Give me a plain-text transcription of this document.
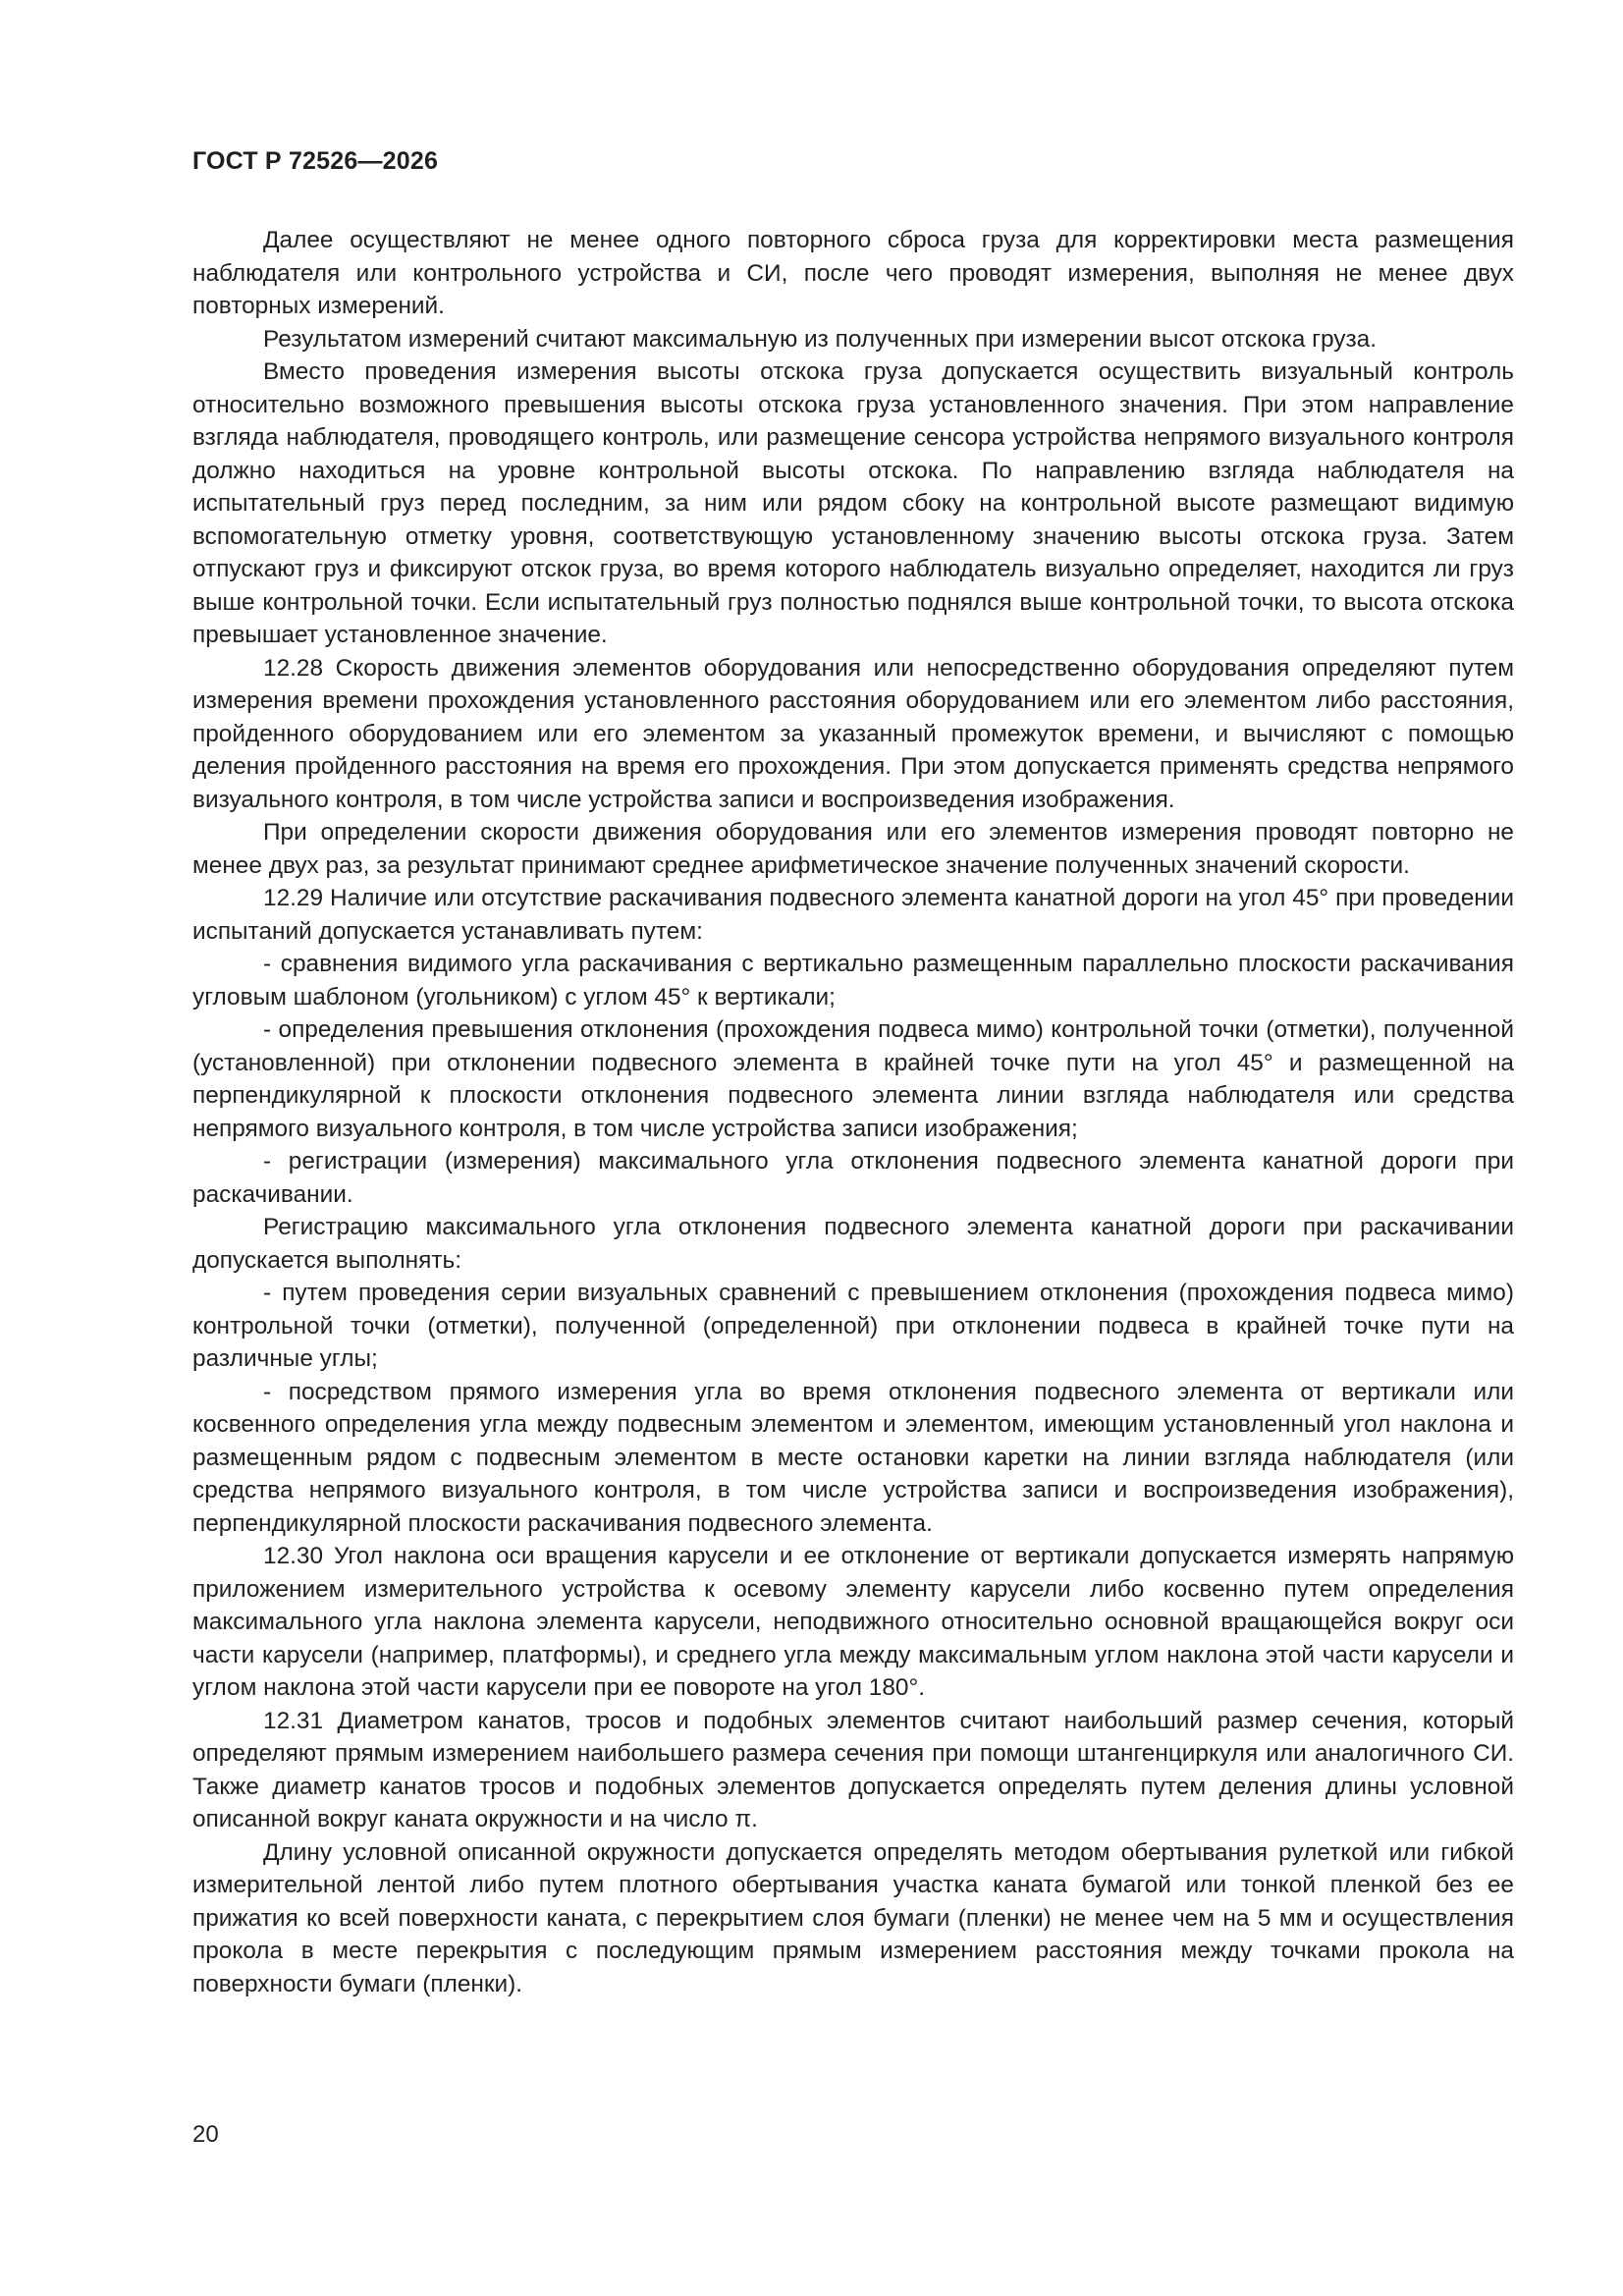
ГОСТ Р 72526—2026

Далее осуществляют не менее одного повторного сброса груза для корректировки места размещения наблюдателя или контрольного устройства и СИ, после чего проводят измерения, выполняя не менее двух повторных измерений.

Результатом измерений считают максимальную из полученных при измерении высот отскока груза.

Вместо проведения измерения высоты отскока груза допускается осуществить визуальный контроль относительно возможного превышения высоты отскока груза установленного значения. При этом направление взгляда наблюдателя, проводящего контроль, или размещение сенсора устройства непрямого визуального контроля должно находиться на уровне контрольной высоты отскока. По направлению взгляда наблюдателя на испытательный груз перед последним, за ним или рядом сбоку на контрольной высоте размещают видимую вспомогательную отметку уровня, соответствующую установленному значению высоты отскока груза. Затем отпускают груз и фиксируют отскок груза, во время которого наблюдатель визуально определяет, находится ли груз выше контрольной точки. Если испытательный груз полностью поднялся выше контрольной точки, то высота отскока превышает установленное значение.

12.28 Скорость движения элементов оборудования или непосредственно оборудования определяют путем измерения времени прохождения установленного расстояния оборудованием или его элементом либо расстояния, пройденного оборудованием или его элементом за указанный промежуток времени, и вычисляют с помощью деления пройденного расстояния на время его прохождения. При этом допускается применять средства непрямого визуального контроля, в том числе устройства записи и воспроизведения изображения.

При определении скорости движения оборудования или его элементов измерения проводят повторно не менее двух раз, за результат принимают среднее арифметическое значение полученных значений скорости.

12.29 Наличие или отсутствие раскачивания подвесного элемента канатной дороги на угол 45° при проведении испытаний допускается устанавливать путем:

- сравнения видимого угла раскачивания с вертикально размещенным параллельно плоскости раскачивания угловым шаблоном (угольником) с углом 45° к вертикали;

- определения превышения отклонения (прохождения подвеса мимо) контрольной точки (отметки), полученной (установленной) при отклонении подвесного элемента в крайней точке пути на угол 45° и размещенной на перпендикулярной к плоскости отклонения подвесного элемента линии взгляда наблюдателя или средства непрямого визуального контроля, в том числе устройства записи изображения;

- регистрации (измерения) максимального угла отклонения подвесного элемента канатной дороги при раскачивании.

Регистрацию максимального угла отклонения подвесного элемента канатной дороги при раскачивании допускается выполнять:

- путем проведения серии визуальных сравнений с превышением отклонения (прохождения подвеса мимо) контрольной точки (отметки), полученной (определенной) при отклонении подвеса в крайней точке пути на различные углы;

- посредством прямого измерения угла во время отклонения подвесного элемента от вертикали или косвенного определения угла между подвесным элементом и элементом, имеющим установленный угол наклона и размещенным рядом с подвесным элементом в месте остановки каретки на линии взгляда наблюдателя (или средства непрямого визуального контроля, в том числе устройства записи и воспроизведения изображения), перпендикулярной плоскости раскачивания подвесного элемента.

12.30 Угол наклона оси вращения карусели и ее отклонение от вертикали допускается измерять напрямую приложением измерительного устройства к осевому элементу карусели либо косвенно путем определения максимального угла наклона элемента карусели, неподвижного относительно основной вращающейся вокруг оси части карусели (например, платформы), и среднего угла между максимальным углом наклона этой части карусели и углом наклона этой части карусели при ее повороте на угол 180°.

12.31 Диаметром канатов, тросов и подобных элементов считают наибольший размер сечения, который определяют прямым измерением наибольшего размера сечения при помощи штангенциркуля или аналогичного СИ. Также диаметр канатов тросов и подобных элементов допускается определять путем деления длины условной описанной вокруг каната окружности и на число π.

Длину условной описанной окружности допускается определять методом обертывания рулеткой или гибкой измерительной лентой либо путем плотного обертывания участка каната бумагой или тонкой пленкой без ее прижатия ко всей поверхности каната, с перекрытием слоя бумаги (пленки) не менее чем на 5 мм и осуществления прокола в месте перекрытия с последующим прямым измерением расстояния между точками прокола на поверхности бумаги (пленки).

20
